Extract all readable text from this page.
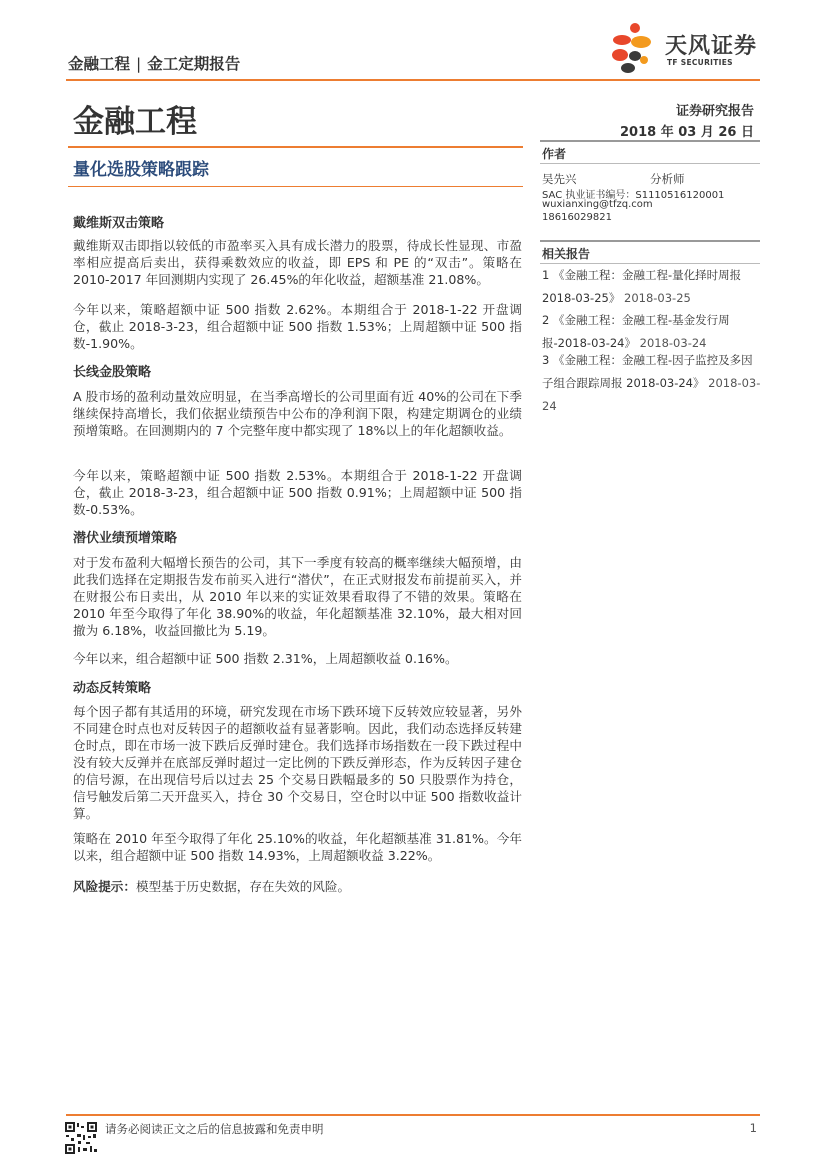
金融工程 | 金工定期报告
天风证券
TF SECURITIES
金融工程
量化选股策略跟踪
证券研究报告
2018 年 03 月 26 日
作者
吴先兴	分析师
SAC 执业证书编号：S1110516120001
wuxianxing@tfzq.com
18616029821
相关报告
1 《金融工程：金融工程-量化择时周报 2018-03-25》 2018-03-25
2 《金融工程：金融工程-基金发行周报-2018-03-24》 2018-03-24
3 《金融工程：金融工程-因子监控及多因子组合跟踪周报 2018-03-24》 2018-03-24
戴维斯双击策略
戴维斯双击即指以较低的市盈率买入具有成长潜力的股票，待成长性显现、市盈率相应提高后卖出，获得乘数效应的收益，即 EPS 和 PE 的“双击”。策略在 2010-2017 年回测期内实现了 26.45%的年化收益，超额基准 21.08%。
今年以来，策略超额中证 500 指数 2.62%。本期组合于 2018-1-22 开盘调仓，截止 2018-3-23，组合超额中证 500 指数 1.53%；上周超额中证 500 指数-1.90%。
长线金股策略
A 股市场的盈利动量效应明显，在当季高增长的公司里面有近 40%的公司在下季继续保持高增长，我们依据业绩预告中公布的净利润下限，构建定期调仓的业绩预增策略。在回测期内的 7 个完整年度中都实现了 18%以上的年化超额收益。
今年以来，策略超额中证 500 指数 2.53%。本期组合于 2018-1-22 开盘调仓，截止 2018-3-23，组合超额中证 500 指数 0.91%；上周超额中证 500 指数-0.53%。
潜伏业绩预增策略
对于发布盈利大幅增长预告的公司，其下一季度有较高的概率继续大幅预增，由此我们选择在定期报告发布前买入进行“潜伏”，在正式财报发布前提前买入，并在财报公布日卖出，从 2010 年以来的实证效果看取得了不错的效果。策略在 2010 年至今取得了年化 38.90%的收益，年化超额基准 32.10%，最大相对回撤为 6.18%，收益回撤比为 5.19。
今年以来，组合超额中证 500 指数 2.31%，上周超额收益 0.16%。
动态反转策略
每个因子都有其适用的环境，研究发现在市场下跌环境下反转效应较显著，另外不同建仓时点也对反转因子的超额收益有显著影响。因此，我们动态选择反转建仓时点，即在市场一波下跌后反弹时建仓。我们选择市场指数在一段下跌过程中没有较大反弹并在底部反弹时超过一定比例的下跌反弹形态，作为反转因子建仓的信号源，在出现信号后以过去 25 个交易日跌幅最多的 50 只股票作为持仓，信号触发后第二天开盘买入，持仓 30 个交易日，空仓时以中证 500 指数收益计算。
策略在 2010 年至今取得了年化 25.10%的收益，年化超额基准 31.81%。今年以来，组合超额中证 500 指数 14.93%，上周超额收益 3.22%。
风险提示：模型基于历史数据，存在失效的风险。
请务必阅读正文之后的信息披露和免责申明	1
